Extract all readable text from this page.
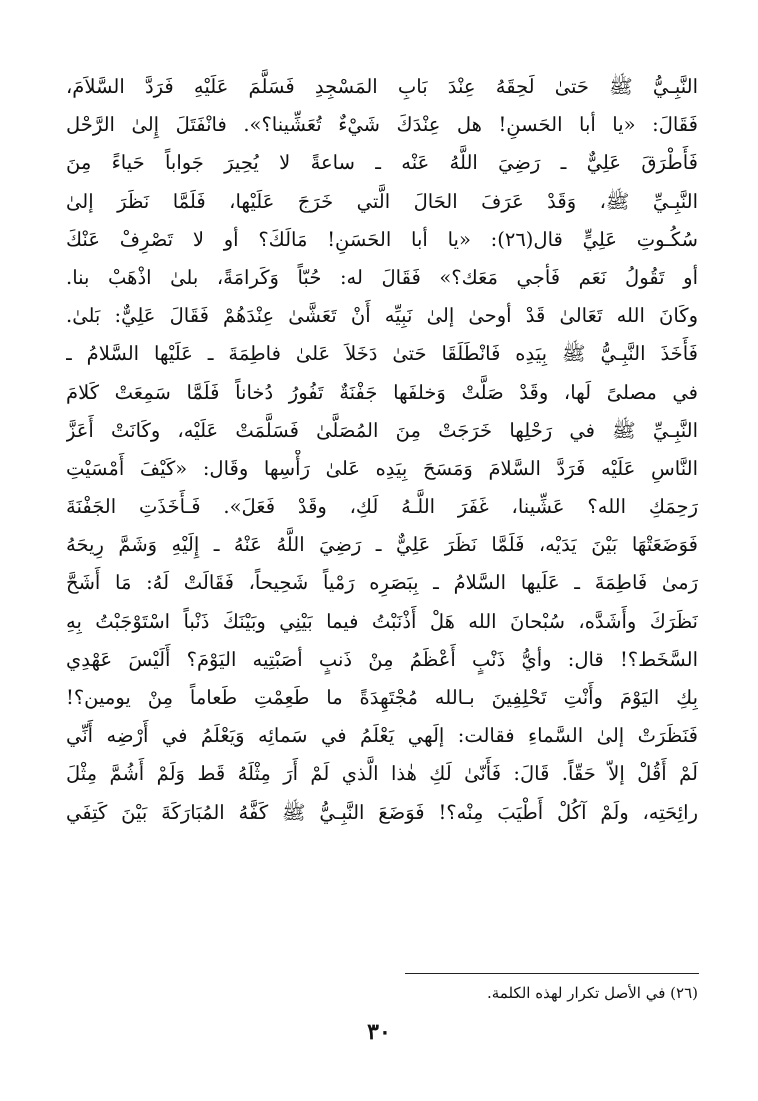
النَّبِـيُّ ﷺ حَتىٰ لَحِقَهُ عِنْدَ بَابِ المَسْجِدِ فَسَلَّمَ عَلَيْهِ فَرَدَّ السَّلاَمَ،
فَقَالَ: «يا أبا الحَسنِ! هل عِنْدَكَ شَيْءٌ تُعَشِّينا؟». فانْفَتَلَ إِلىٰ الرَّحْل
فَأَطْرَقَ عَلِيٌّ ـ رَضِيَ اللَّهُ عَنْه ـ ساعةً لا يُحِيرَ جَواباً حَياءً مِنَ
النَّبِـيِّ ﷺ، وَقَدْ عَرَفَ الحَالَ الَّتي خَرَجَ عَلَيْها، فَلَمَّا نَظَرَ إلىٰ
سُكُـوتِ عَلِيٍّ قال(٢٦): «يا أبا الحَسَنِ! مَالَكَ؟ أو لا تَصْرِفْ عَنْكَ
أو تَقُولُ نَعَم فَأجي مَعَك؟» فَقَالَ له: حُبّاً وَكَرامَةً، بلىٰ اذْهَبْ بنا.
وكَانَ الله تَعَالىٰ قَدْ أوحىٰ إلىٰ نَبِيِّه أَنْ تَعَشَّىٰ عِنْدَهُمْ فَقَالَ عَلِيٌّ: بَلىٰ.
فَأَخَذَ النَّبِـيُّ ﷺ بِيَدِه فَانْطَلَقَا حَتىٰ دَخَلاَ عَلىٰ فاطِمَةَ ـ عَلَيْها السَّلامُ ـ
في مصلىً لَها، وقَدْ صَلَّتْ وَخلفَها جَفْنَةٌ تَفُورُ دُخاناً فَلَمَّا سَمِعَتْ كَلامَ
النَّبِـيِّ ﷺ في رَحْلِها خَرَجَتْ مِنَ المُصَلَّىٰ فَسَلَّمَتْ عَلَيْه، وكَانَتْ أَعَزَّ
النَّاسِ عَلَيْه فَرَدَّ السَّلامَ وَمَسَحَ بِيَدِه عَلىٰ رَأْسِها وقَال: «كَيْفَ أَمْسَيْتِ
رَحِمَكِ الله؟ عَشِّينا، غَفَرَ اللَّـهُ لَكِ، وقَدْ فَعَلَ». فَـأَخَذَتِ الجَفْنَةَ
فَوَضَعَتْهَا بَيْنَ يَدَيْه، فَلَمَّا نَظَرَ عَلِيٌّ ـ رَضِيَ اللَّهُ عَنْهُ ـ إِلَيْهِ وَشَمَّ رِيحَهُ
رَمىٰ فَاطِمَةَ ـ عَلَيها السَّلامُ ـ بِبَصَرِه رَمْياً شَحِيحاً، فَقَالَتْ لَهُ: مَا أَشَحَّ
نَظَرَكَ وأَشَدَّه، سُبْحانَ الله هَلْ أَذْنَبْتُ فيما بَيْنِي وبَيْنَكَ ذَنْباً اسْتَوْجَبْتُ بِهِ
السَّخَط؟! قال: وأيُّ ذَنْبٍ أَعْظَمُ مِنْ ذَنبٍ أصَبْتِيه اليَوْمَ؟ أَلَيْسَ عَهْدِي
بِكِ اليَوْمَ وأَنْتِ تَحْلِفِينَ بـالله مُجْتَهِدَةً ما طَعِمْتِ طَعاماً مِنْ يومين؟!
فَنَظَرَتْ إلىٰ السَّماءِ فقالت: إلَهي يَعْلَمُ في سَمائِه وَيَعْلَمُ في أَرْضِه أَنِّي
لَمْ أَقُلْ إلاّ حَقّاً. قَالَ: فَأَنّىٰ لَكِ هٰذا الَّذي لَمْ أَرَ مِثْلَهُ قَط وَلَمْ أَشُمَّ مِثْلَ
رائِحَتِه، ولَمْ آكُلْ أَطْيَبَ مِنْه؟! فَوَضَعَ النَّبِـيُّ ﷺ كَفَّهُ المُبَارَكَةَ بَيْنَ كَتِفَي
(٢٦) في الأصل تكرار لهذه الكلمة.
٣٠
